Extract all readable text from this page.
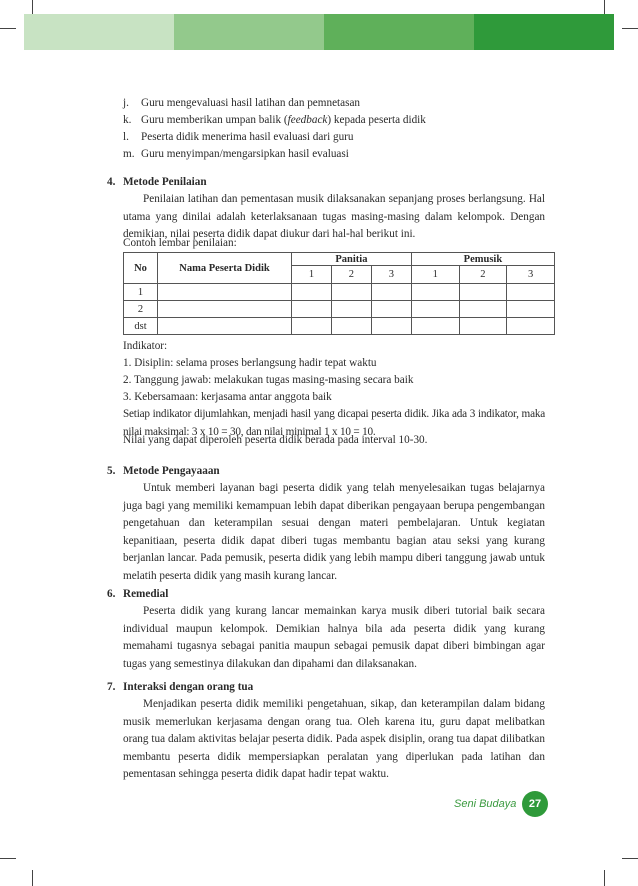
j. Guru mengevaluasi hasil latihan dan pemnetasan
k. Guru memberikan umpan balik (feedback) kepada peserta didik
l. Peserta didik menerima hasil evaluasi dari guru
m. Guru menyimpan/mengarsipkan hasil evaluasi
4. Metode Penilaian
Penilaian latihan dan pementasan musik dilaksanakan sepanjang proses berlangsung. Hal utama yang dinilai adalah keterlaksanaan tugas masing-masing dalam kelompok. Dengan demikian, nilai peserta didik dapat diukur dari hal-hal berikut ini.
Contoh lembar penilaian:
No	Nama Peserta Didik	Panitia			Pemusik		
		1	2	3	1	2	3
1							
2							
dst							
Indikator:
1. Disiplin: selama proses berlangsung hadir tepat waktu
2. Tanggung jawab: melakukan tugas masing-masing secara baik
3. Kebersamaan: kerjasama antar anggota baik
Setiap indikator dijumlahkan, menjadi hasil yang dicapai peserta didik. Jika ada 3 indikator, maka nilai maksimal: 3 x 10 = 30, dan nilai minimal 1 x 10 = 10.
Nilai yang dapat diperoleh peserta didik berada pada interval 10-30.
5. Metode Pengayaaan
Untuk memberi layanan bagi peserta didik yang telah menyelesaikan tugas belajarnya juga bagi yang memiliki kemampuan lebih dapat diberikan pengayaan berupa pengembangan pengetahuan dan keterampilan sesuai dengan materi pembelajaran. Untuk kegiatan kepanitiaan, peserta didik dapat diberi tugas membantu bagian atau seksi yang kurang berjanlan lancar. Pada pemusik, peserta didik yang lebih mampu diberi tanggung jawab untuk melatih peserta didik yang masih kurang lancar.
6. Remedial
Peserta didik yang kurang lancar memainkan karya musik diberi tutorial baik secara individual maupun kelompok. Demikian halnya bila ada peserta didik yang kurang memahami tugasnya sebagai panitia maupun sebagai pemusik dapat diberi bimbingan agar tugas yang semestinya dilakukan dan dipahami dan dilaksanakan.
7. Interaksi dengan orang tua
Menjadikan peserta didik memiliki pengetahuan, sikap, dan keterampilan dalam bidang musik memerlukan kerjasama dengan orang tua. Oleh karena itu, guru dapat melibatkan orang tua dalam aktivitas belajar peserta didik. Pada aspek disiplin, orang tua dapat dilibatkan membantu peserta didik mempersiapkan peralatan yang diperlukan pada latihan dan pementasan sehingga peserta didik dapat hadir tepat waktu.
Seni Budaya	27
